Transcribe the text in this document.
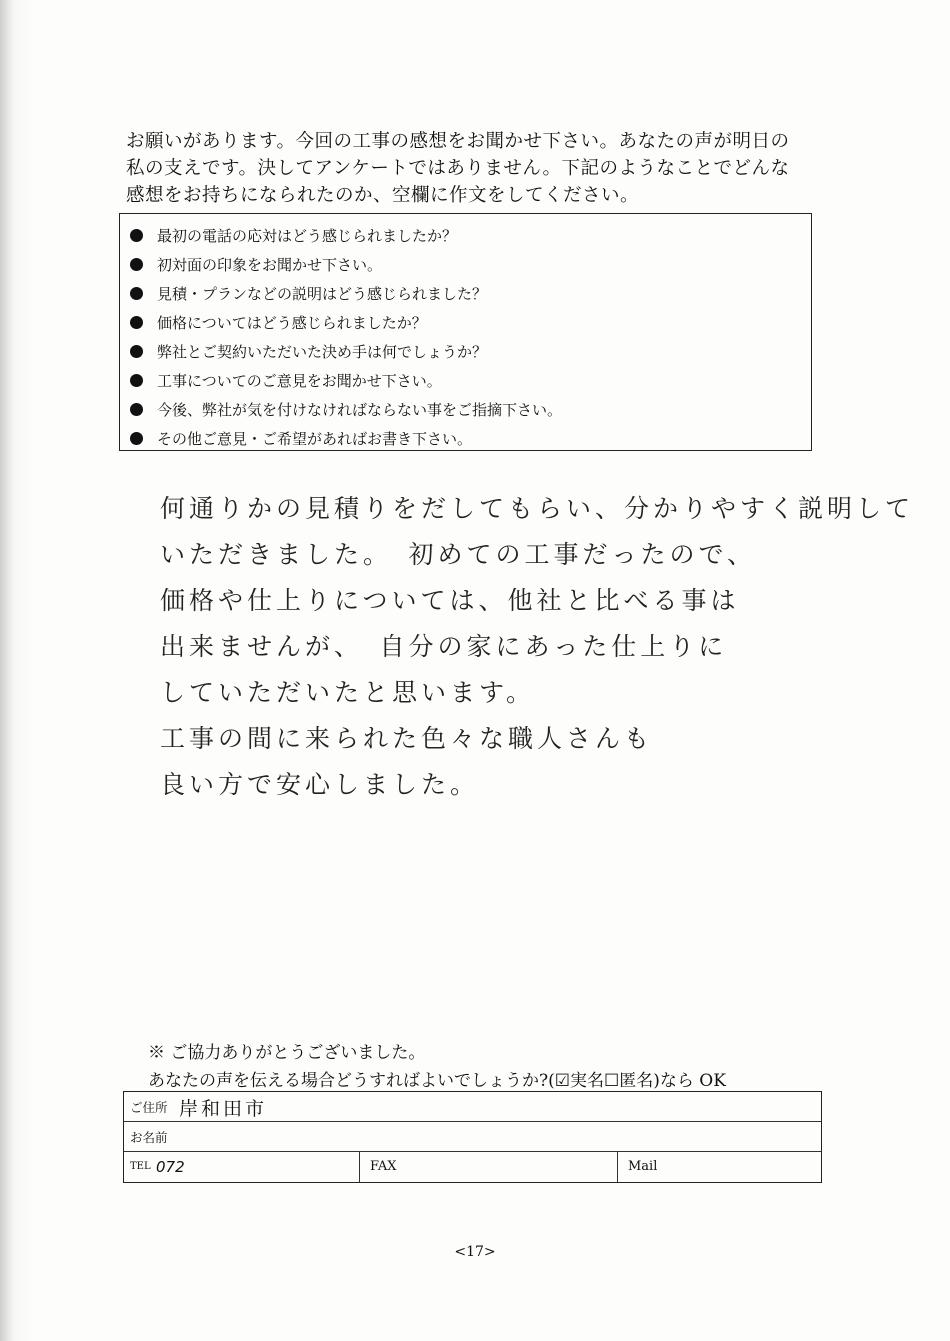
お願いがあります。今回の工事の感想をお聞かせ下さい。あなたの声が明日の
私の支えです。決してアンケートではありません。下記のようなことでどんな
感想をお持ちになられたのか、空欄に作文をしてください。
最初の電話の応対はどう感じられましたか？
初対面の印象をお聞かせ下さい。
見積・プランなどの説明はどう感じられました？
価格についてはどう感じられましたか？
弊社とご契約いただいた決め手は何でしょうか？
工事についてのご意見をお聞かせ下さい。
今後、弊社が気を付けなければならない事をご指摘下さい。
その他ご意見・ご希望があればお書き下さい。
何通りかの見積りをだしてもらい、分かりやすく説明して
いただきました。　初めての工事だったので、
価格や仕上りについては、他社と比べる事は
出来ませんが、　自分の家にあった仕上りに
していただいたと思います。
工事の間に来られた色々な職人さんも
良い方で安心しました。
※ ご協力ありがとうございました。
あなたの声を伝える場合どうすればよいでしょうか?(☑実名☐匿名)なら OK
ご住所 岸和田市
お名前
TEL 072	FAX	Mail
<17>
